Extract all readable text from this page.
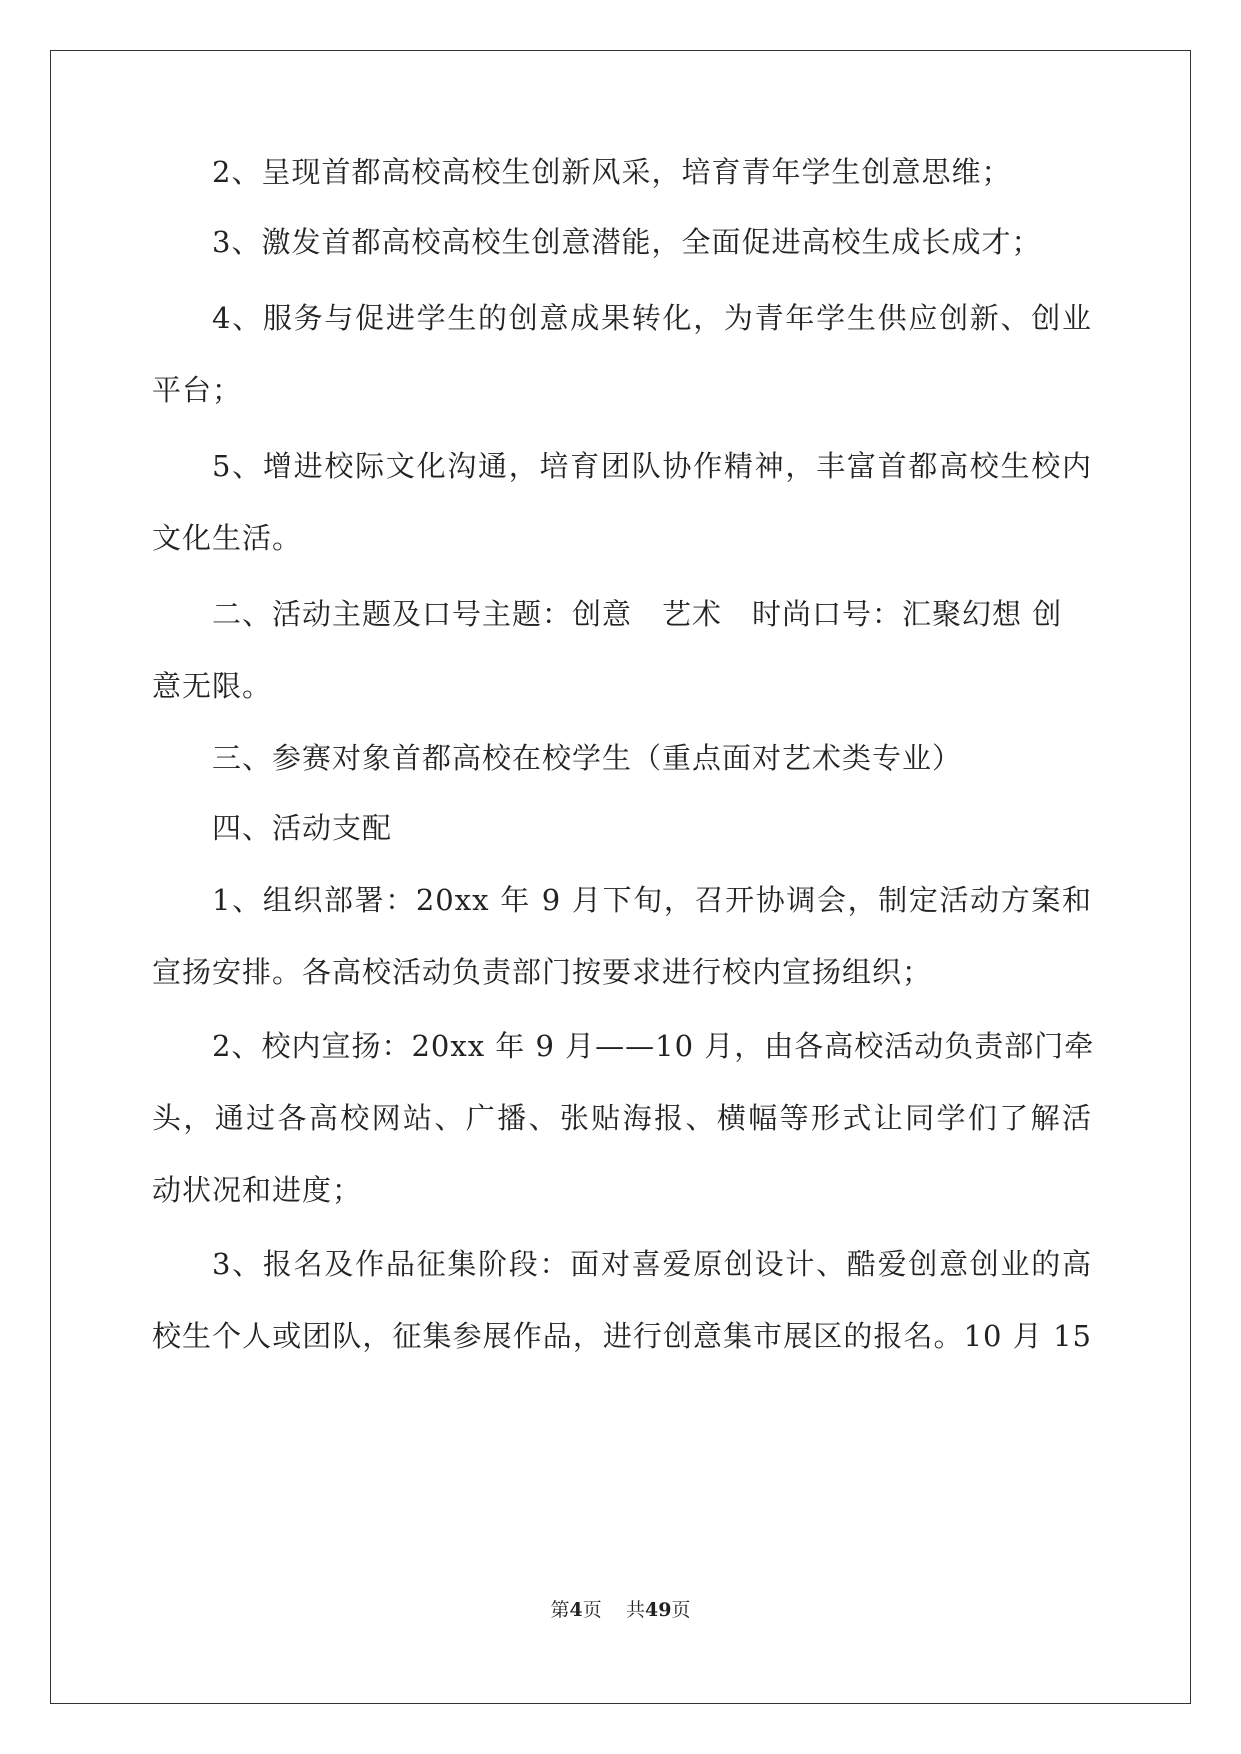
2、呈现首都高校高校生创新风采，培育青年学生创意思维；
3、激发首都高校高校生创意潜能，全面促进高校生成长成才；
4、服务与促进学生的创意成果转化，为青年学生供应创新、创业
平台；
5、增进校际文化沟通，培育团队协作精神，丰富首都高校生校内
文化生活。
二、活动主题及口号主题：创意　艺术　时尚口号：汇聚幻想 创
意无限。
三、参赛对象首都高校在校学生（重点面对艺术类专业）
四、活动支配
1、组织部署：20xx 年 9 月下旬，召开协调会，制定活动方案和
宣扬安排。各高校活动负责部门按要求进行校内宣扬组织；
2、校内宣扬：20xx 年 9 月——10 月，由各高校活动负责部门牵
头，通过各高校网站、广播、张贴海报、横幅等形式让同学们了解活
动状况和进度；
3、报名及作品征集阶段：面对喜爱原创设计、酷爱创意创业的高
校生个人或团队，征集参展作品，进行创意集市展区的报名。10 月 15
第4页 共49页
